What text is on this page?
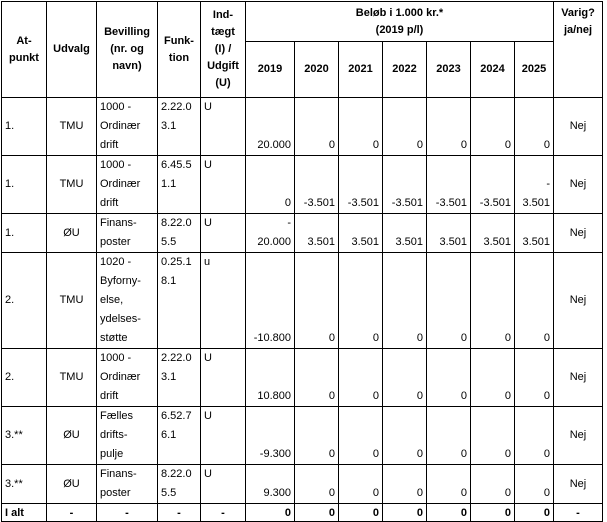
At-
punkt	Udvalg	Bevilling
(nr. og
navn)	Funk-
tion	Ind-
tægt
(I) /
Udgift
(U)	Beløb i 1.000 kr.*
(2019 p/l)							Varig?
ja/nej
					2019	2020	2021	2022	2023	2024	2025	
1.	TMU	1000 -
Ordinær
drift	2.22.0
3.1	U	20.000	0	0	0	0	0	0	Nej
1.	TMU	1000 -
Ordinær
drift	6.45.5
1.1	U	0	-3.501	-3.501	-3.501	-3.501	-3.501	-
3.501	Nej
1.	ØU	Finans-
poster	8.22.0
5.5	U	-
20.000	3.501	3.501	3.501	3.501	3.501	3.501	Nej
2.	TMU	1020 -
Byforny-
else,
ydelses-
støtte	0.25.1
8.1	u	-10.800	0	0	0	0	0	0	Nej
2.	TMU	1000 -
Ordinær
drift	2.22.0
3.1	U	10.800	0	0	0	0	0	0	Nej
3.**	ØU	Fælles
drifts-
pulje	6.52.7
6.1	U	-9.300	0	0	0	0	0	0	Nej
3.**	ØU	Finans-
poster	8.22.0
5.5	U	9.300	0	0	0	0	0	0	Nej
I alt	-	-	-	-	0	0	0	0	0	0	0	-
